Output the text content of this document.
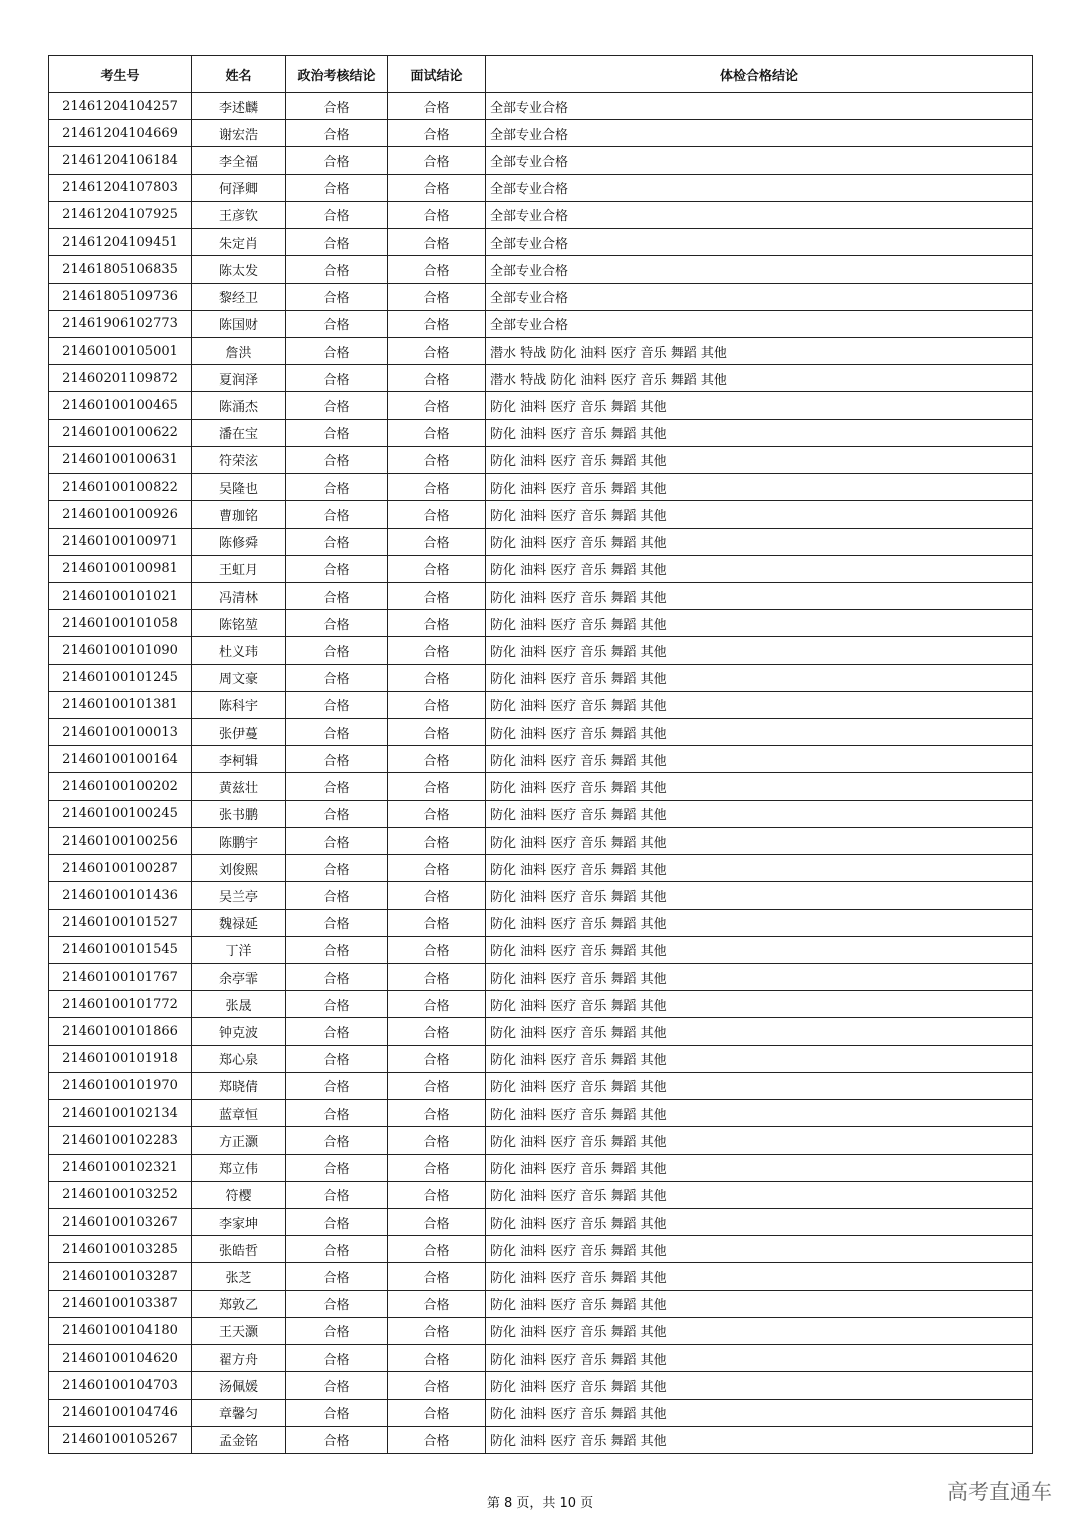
考生号	姓名	政治考核结论	面试结论	体检合格结论
21461204104257	李述麟	合格	合格	全部专业合格
21461204104669	谢宏浩	合格	合格	全部专业合格
21461204106184	李全福	合格	合格	全部专业合格
21461204107803	何泽卿	合格	合格	全部专业合格
21461204107925	王彦钦	合格	合格	全部专业合格
21461204109451	朱定肖	合格	合格	全部专业合格
21461805106835	陈太发	合格	合格	全部专业合格
21461805109736	黎经卫	合格	合格	全部专业合格
21461906102773	陈国财	合格	合格	全部专业合格
21460100105001	詹洪	合格	合格	潜水 特战 防化 油料 医疗 音乐 舞蹈 其他
21460201109872	夏润泽	合格	合格	潜水 特战 防化 油料 医疗 音乐 舞蹈 其他
21460100100465	陈涌杰	合格	合格	防化 油料 医疗 音乐 舞蹈 其他
21460100100622	潘在宝	合格	合格	防化 油料 医疗 音乐 舞蹈 其他
21460100100631	符荣泫	合格	合格	防化 油料 医疗 音乐 舞蹈 其他
21460100100822	吴隆也	合格	合格	防化 油料 医疗 音乐 舞蹈 其他
21460100100926	曹珈铭	合格	合格	防化 油料 医疗 音乐 舞蹈 其他
21460100100971	陈修舜	合格	合格	防化 油料 医疗 音乐 舞蹈 其他
21460100100981	王虹月	合格	合格	防化 油料 医疗 音乐 舞蹈 其他
21460100101021	冯清林	合格	合格	防化 油料 医疗 音乐 舞蹈 其他
21460100101058	陈铭堃	合格	合格	防化 油料 医疗 音乐 舞蹈 其他
21460100101090	杜义玮	合格	合格	防化 油料 医疗 音乐 舞蹈 其他
21460100101245	周文豪	合格	合格	防化 油料 医疗 音乐 舞蹈 其他
21460100101381	陈科宇	合格	合格	防化 油料 医疗 音乐 舞蹈 其他
21460100100013	张伊蔓	合格	合格	防化 油料 医疗 音乐 舞蹈 其他
21460100100164	李柯辑	合格	合格	防化 油料 医疗 音乐 舞蹈 其他
21460100100202	黄兹壮	合格	合格	防化 油料 医疗 音乐 舞蹈 其他
21460100100245	张书鹏	合格	合格	防化 油料 医疗 音乐 舞蹈 其他
21460100100256	陈鹏宇	合格	合格	防化 油料 医疗 音乐 舞蹈 其他
21460100100287	刘俊熙	合格	合格	防化 油料 医疗 音乐 舞蹈 其他
21460100101436	吴兰亭	合格	合格	防化 油料 医疗 音乐 舞蹈 其他
21460100101527	魏禄延	合格	合格	防化 油料 医疗 音乐 舞蹈 其他
21460100101545	丁洋	合格	合格	防化 油料 医疗 音乐 舞蹈 其他
21460100101767	余亭霏	合格	合格	防化 油料 医疗 音乐 舞蹈 其他
21460100101772	张晟	合格	合格	防化 油料 医疗 音乐 舞蹈 其他
21460100101866	钟克波	合格	合格	防化 油料 医疗 音乐 舞蹈 其他
21460100101918	郑心泉	合格	合格	防化 油料 医疗 音乐 舞蹈 其他
21460100101970	郑晓倩	合格	合格	防化 油料 医疗 音乐 舞蹈 其他
21460100102134	蓝章恒	合格	合格	防化 油料 医疗 音乐 舞蹈 其他
21460100102283	方正灏	合格	合格	防化 油料 医疗 音乐 舞蹈 其他
21460100102321	郑立伟	合格	合格	防化 油料 医疗 音乐 舞蹈 其他
21460100103252	符樱	合格	合格	防化 油料 医疗 音乐 舞蹈 其他
21460100103267	李家坤	合格	合格	防化 油料 医疗 音乐 舞蹈 其他
21460100103285	张皓哲	合格	合格	防化 油料 医疗 音乐 舞蹈 其他
21460100103287	张芝	合格	合格	防化 油料 医疗 音乐 舞蹈 其他
21460100103387	郑敦乙	合格	合格	防化 油料 医疗 音乐 舞蹈 其他
21460100104180	王天灏	合格	合格	防化 油料 医疗 音乐 舞蹈 其他
21460100104620	翟方舟	合格	合格	防化 油料 医疗 音乐 舞蹈 其他
21460100104703	汤佩媛	合格	合格	防化 油料 医疗 音乐 舞蹈 其他
21460100104746	章馨匀	合格	合格	防化 油料 医疗 音乐 舞蹈 其他
21460100105267	孟金铭	合格	合格	防化 油料 医疗 音乐 舞蹈 其他
第 8 页，共 10 页	高考直通车
